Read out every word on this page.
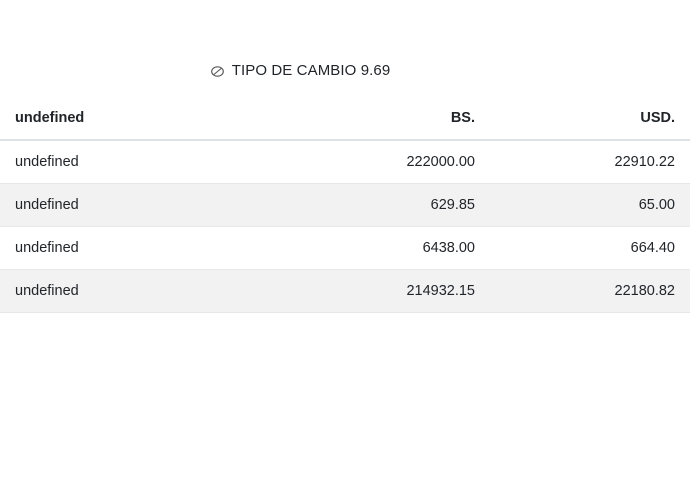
TIPO DE CAMBIO 9.69
undefined	BS.	USD.
undefined	222000.00	22910.22
undefined	629.85	65.00
undefined	6438.00	664.40
undefined	214932.15	22180.82
